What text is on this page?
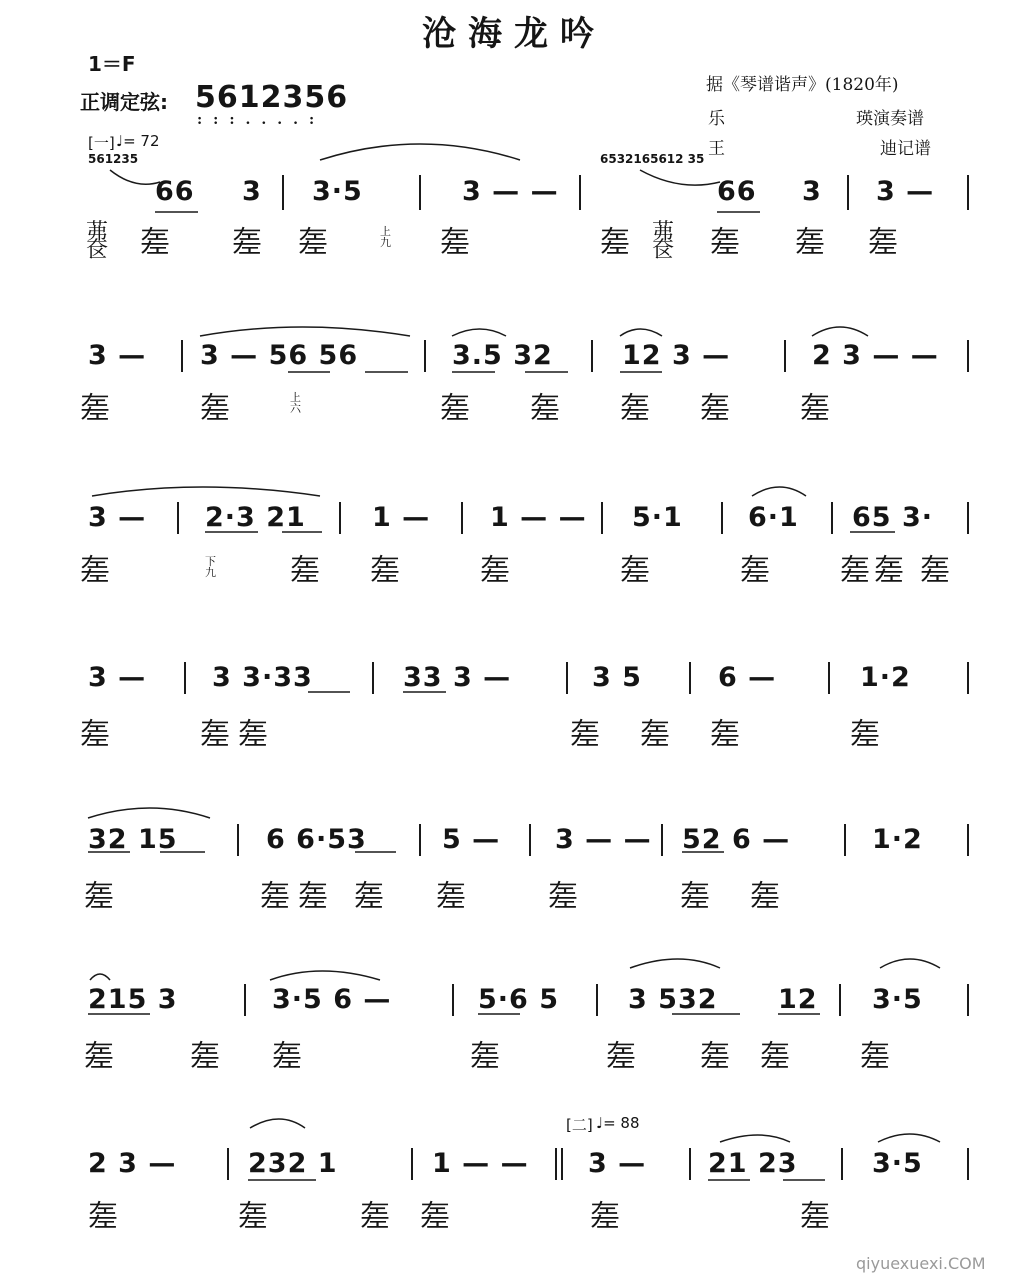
沧海龙吟
1＝F
正调定弦: 5612356
:::....:
据《琴谱谐声》(1820年)
乐	瑛演奏谱
王	迪记谱
[一] ♩= 72
561235	6532165612 35
66 3 3·5	3 — —	66 3 3 —
茀
奁 𢀡 𢀡 𢀡	上
九 𢀡	𢀡 茀
奁 𢀡 𢀡 𢀡
3 — 3 — 56 56	3.5 32	12 3 —	2 3 — —
𢀡	𢀡	上
六	𢀡 𢀡 𢀡 𢀡 𢀡
3 — 2·3 21 1 — 1 — — 5·1 6·1 65 3·
𢀡	下
九 𢀡 𢀡	𢀡	𢀡	𢀡 𢀡 𢀡 𢀡
3 — 3 3·33	33 3 —	3 5	6 —	1·2
𢀡	𢀡 𢀡	𢀡 𢀡 𢀡	𢀡
32 15	6 6·53	5 — 3 — — 52 6 —	1·2
𢀡	𢀡 𢀡 𢀡 𢀡	𢀡	𢀡 𢀡
215 3	3·5 6 —	5·6 5	3 532 12 3·5
𢀡	𢀡 𢀡	𢀡	𢀡 𢀡 𢀡 𢀡
[二] ♩= 88
2 3 —	232 1	1 — — 3 — 21 23	3·5
𢀡	𢀡	𢀡 𢀡	𢀡	𢀡
qiyuexuexi.COM
